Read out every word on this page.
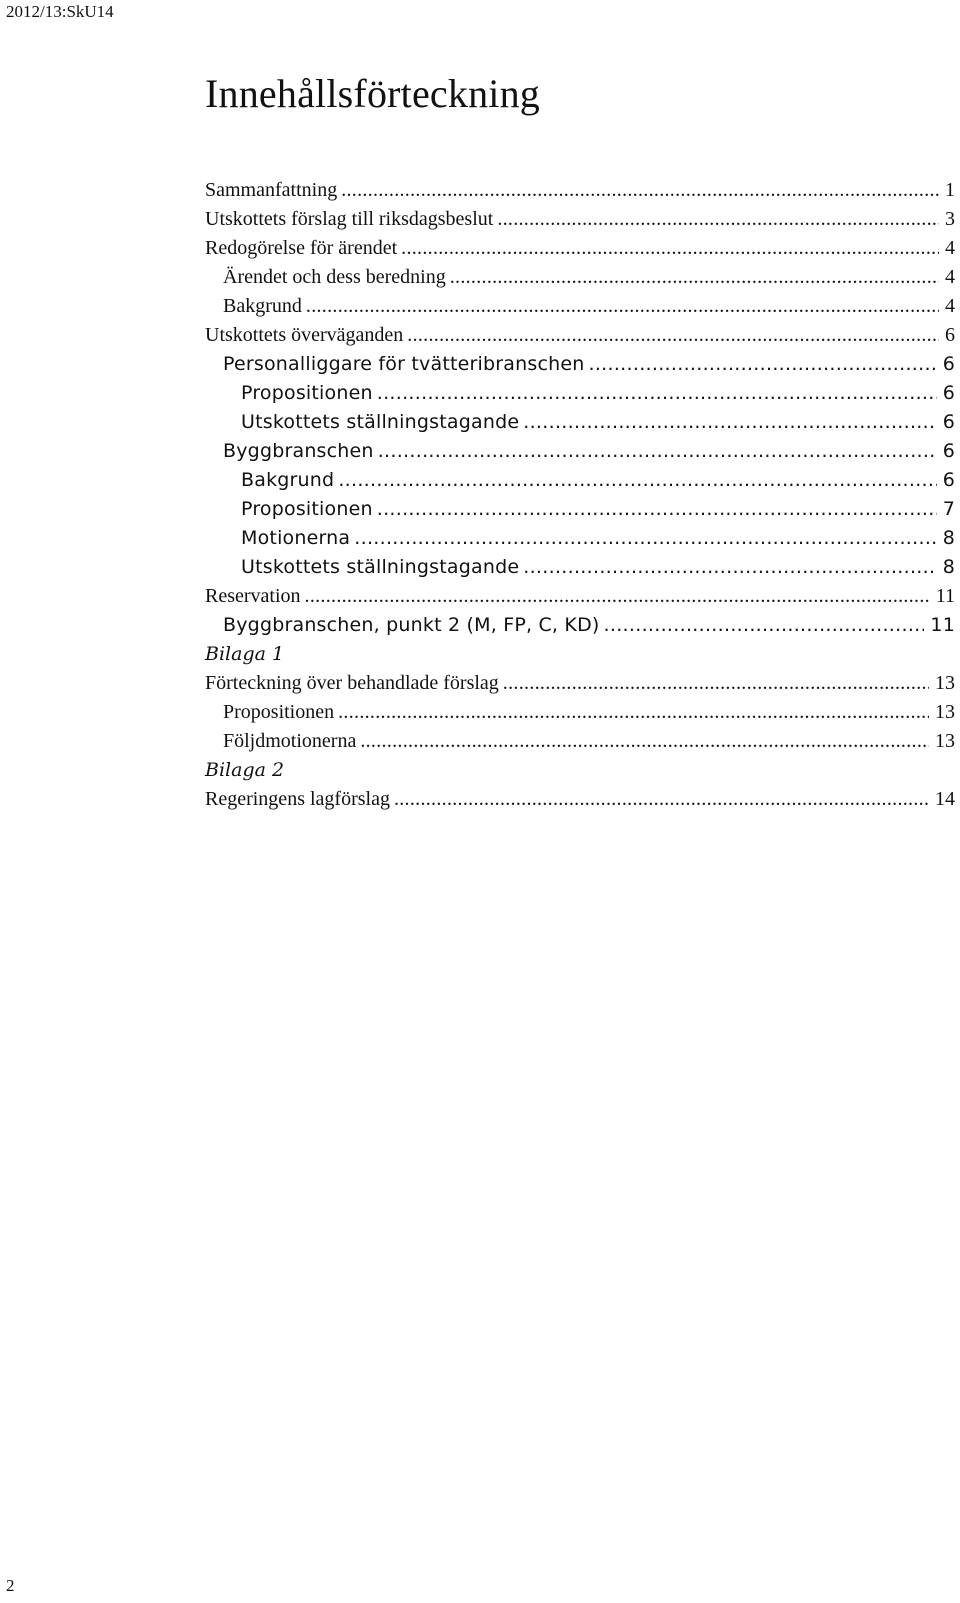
2012/13:SkU14
Innehållsförteckning
Sammanfattning .....	1
Utskottets förslag till riksdagsbeslut .....	3
Redogörelse för ärendet .....	4
Ärendet och dess beredning .....	4
Bakgrund .....	4
Utskottets överväganden .....	6
Personalliggare för tvätteribranschen .....	6
Propositionen .....	6
Utskottets ställningstagande .....	6
Byggbranschen .....	6
Bakgrund .....	6
Propositionen .....	7
Motionerna .....	8
Utskottets ställningstagande .....	8
Reservation .....	11
Byggbranschen, punkt 2 (M, FP, C, KD) .....	11
Bilaga 1
Förteckning över behandlade förslag .....	13
Propositionen .....	13
Följdmotionerna .....	13
Bilaga 2
Regeringens lagförslag .....	14
2
